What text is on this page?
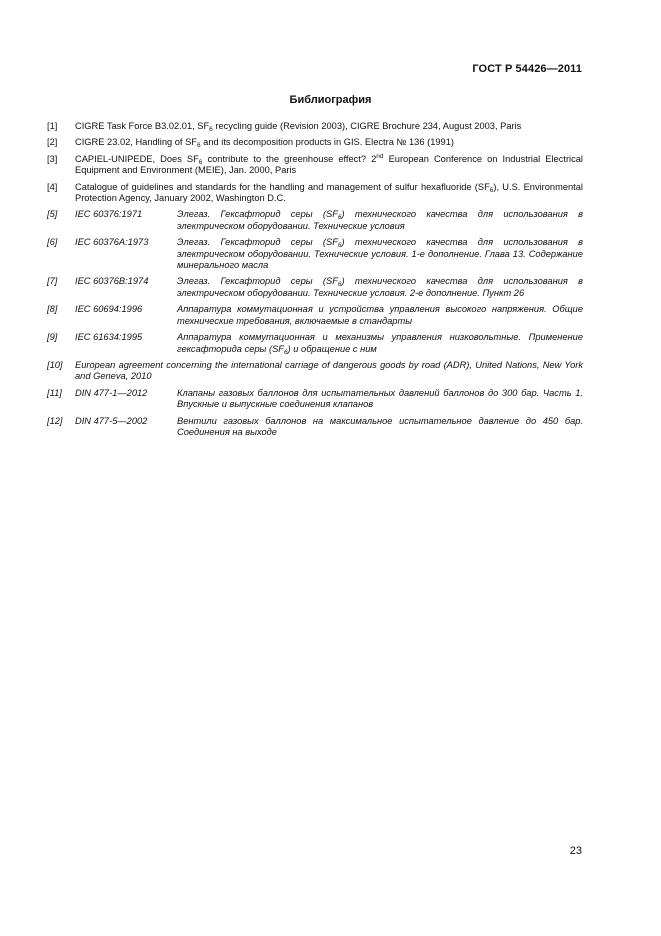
ГОСТ Р 54426—2011
Библиография
[1]	CIGRE Task Force B3.02.01, $SF_6$ recycling guide (Revision 2003), CIGRE Brochure 234, August 2003, Paris
[2]	CIGRE 23.02, Handling of $SF_6$ and its decomposition products in GIS. Electra № 136 (1991)
[3]	CAPIEL-UNIPEDE, Does $SF_6$ contribute to the greenhouse effect? 2nd European Conference on Industrial Electrical Equipment and Environment (MEIE), Jan. 2000, Paris
[4]	Catalogue of guidelines and standards for the handling and management of sulfur hexafluoride $(SF_6)$, U.S. Environmental Protection Agency, January 2002, Washington D.C.
[5]	IEC 60376:1971	Элегаз. Гексафторид серы $(SF_6)$ технического качества для использования в электрическом оборудовании. Технические условия
[6]	IEC 60376A:1973	Элегаз. Гексафторид серы $(SF_6)$ технического качества для использования в электрическом оборудовании. Технические условия. 1-е дополнение. Глава 13. Содержание минерального масла
[7]	IEC 60376B:1974	Элегаз. Гексафторид серы $(SF_6)$ технического качества для использования в электрическом оборудовании. Технические условия. 2-е дополнение. Пункт 26
[8]	IEC 60694:1996	Аппаратура коммутационная и устройства управления высокого напряжения. Общие технические требования, включаемые в стандарты
[9]	IEC 61634:1995	Аппаратура коммутационная и механизмы управления низковольтные. Применение гексафторида серы $(SF_6)$ и обращение с ним
[10]	European agreement concerning the international carriage of dangerous goods by road (ADR), United Nations, New York and Geneva, 2010
[11]	DIN 477-1—2012	Клапаны газовых баллонов для испытательных давлений баллонов до 300 бар. Часть 1. Впускные и выпускные соединения клапанов
[12]	DIN 477-5—2002	Вентили газовых баллонов на максимальное испытательное давление до 450 бар. Соединения на выходе
23
